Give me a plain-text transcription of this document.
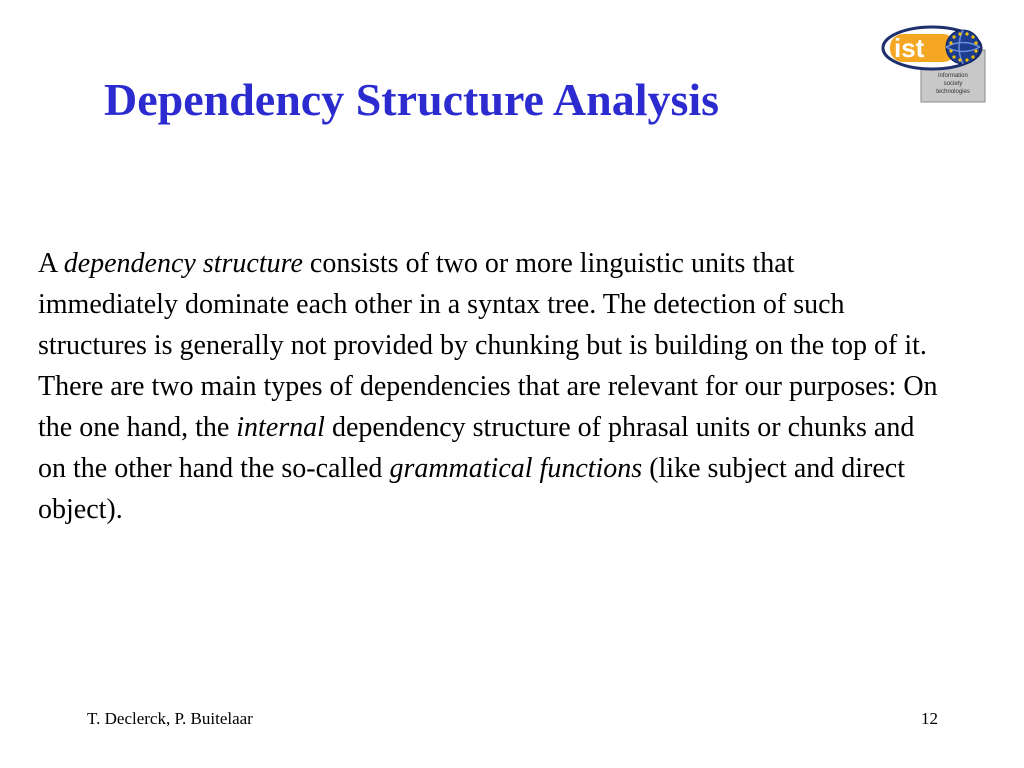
Dependency Structure Analysis
ist
information
society
technologies

A dependency structure consists of two or more linguistic units that immediately dominate each other in a syntax tree. The detection of such structures is generally not provided by chunking but is building on the top of it.

There are two main types of dependencies that are relevant for our purposes: On the one hand, the internal dependency structure of phrasal units or chunks and on the other hand the so-called grammatical functions (like subject and direct object).

T. Declerck, P. Buitelaar	12
